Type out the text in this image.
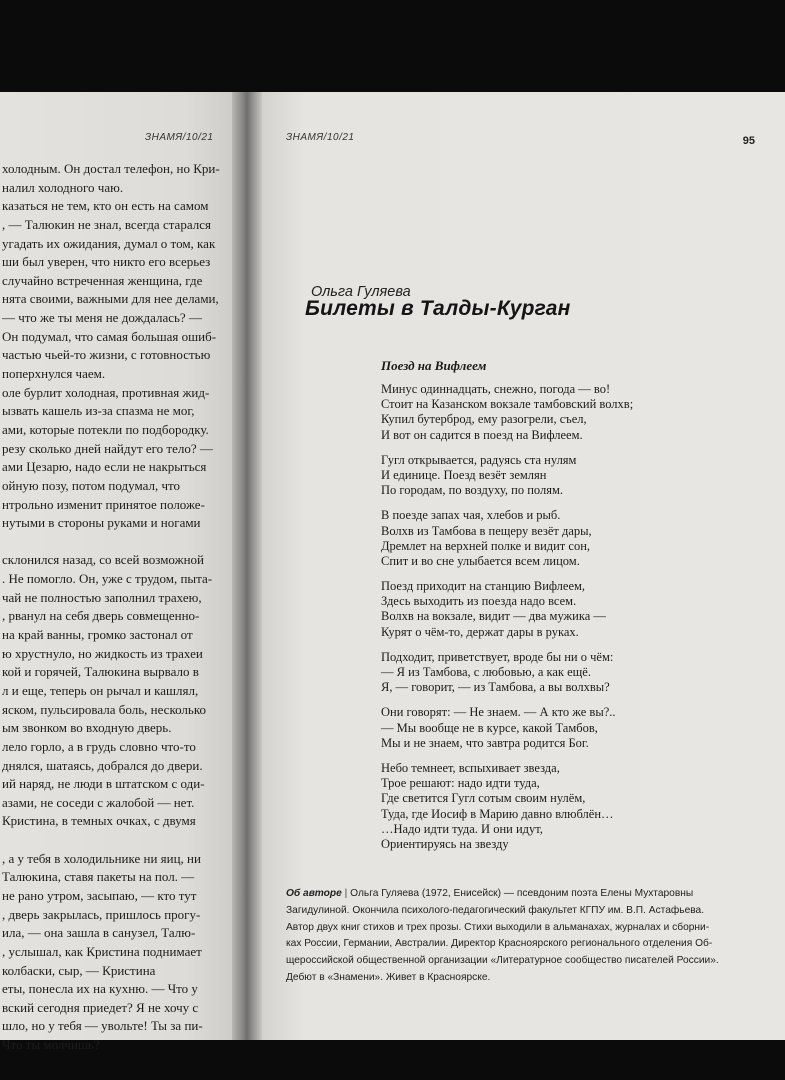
ЗНАМЯ/10/21
холодным. Он достал телефон, но Кри-
налил холодного чаю.
казаться не тем, кто он есть на самом
, — Талюкин не знал, всегда старался
угадать их ожидания, думал о том, как
ши был уверен, что никто его всерьез
случайно встреченная женщина, где
нята своими, важными для нее делами,
— что же ты меня не дождалась? —
Он подумал, что самая большая ошиб-
частью чьей-то жизни, с готовностью
поперхнулся чаем.
оле бурлит холодная, противная жид-
ызвать кашель из-за спазма не мог,
ами, которые потекли по подбородку.
резу сколько дней найдут его тело? —
ами Цезарю, надо если не накрыться
ойную позу, потом подумал, что
нтрольно изменит принятое положе-
нутыми в стороны руками и ногами
склонился назад, со всей возможной
. Не помогло. Он, уже с трудом, пыта-
чай не полностью заполнил трахею,
, рванул на себя дверь совмещенно-
на край ванны, громко застонал от
ю хрустнуло, но жидкость из трахеи
кой и горячей, Талюкина вырвало в
л и еще, теперь он рычал и кашлял,
яском, пульсировала боль, несколько
ым звонком во входную дверь.
лело горло, а в грудь словно что-то
днялся, шатаясь, добрался до двери.
ий наряд, не люди в штатском с оди-
азами, не соседи с жалобой — нет.
Кристина, в темных очках, с двумя
, а у тебя в холодильнике ни яиц, ни
Талюкина, ставя пакеты на пол. —
не рано утром, засыпаю, — кто тут
, дверь закрылась, пришлось прогу-
ила, — она зашла в санузел, Талю-
, услышал, как Кристина поднимает
колбаски, сыр, — Кристина
еты, понесла их на кухню. — Что у
вский сегодня приедет? Я не хочу с
шло, но у тебя — увольте! Ты за пи-
Что ты молчишь?
ЗНАМЯ/10/21	95
Ольга Гуляева
Билеты в Талды-Курган
Поезд на Вифлеем
Минус одиннадцать, снежно, погода — во!
Стоит на Казанском вокзале тамбовский волхв;
Купил бутерброд, ему разогрели, съел,
И вот он садится в поезд на Вифлеем.
Гугл открывается, радуясь ста нулям
И единице. Поезд везёт землян
По городам, по воздуху, по полям.
В поезде запах чая, хлебов и рыб.
Волхв из Тамбова в пещеру везёт дары,
Дремлет на верхней полке и видит сон,
Спит и во сне улыбается всем лицом.
Поезд приходит на станцию Вифлеем,
Здесь выходить из поезда надо всем.
Волхв на вокзале, видит — два мужика —
Курят о чём-то, держат дары в руках.
Подходит, приветствует, вроде бы ни о чём:
— Я из Тамбова, с любовью, а как ещё.
Я, — говорит, — из Тамбова, а вы волхвы?
Они говорят: — Не знаем. — А кто же вы?..
— Мы вообще не в курсе, какой Тамбов,
Мы и не знаем, что завтра родится Бог.
Небо темнеет, вспыхивает звезда,
Трое решают: надо идти туда,
Где светится Гугл сотым своим нулём,
Туда, где Иосиф в Марию давно влюблён…
…Надо идти туда. И они идут,
Ориентируясь на звезду
Об авторе | Ольга Гуляева (1972, Енисейск) — псевдоним поэта Елены Мухтаровны
Загидулиной. Окончила психолого-педагогический факультет КГПУ им. В.П. Астафьева.
Автор двух книг стихов и трех прозы. Стихи выходили в альманахах, журналах и сборни-
ках России, Германии, Австралии. Директор Красноярского регионального отделения Об-
щероссийской общественной организации «Литературное сообщество писателей России».
Дебют в «Знамени». Живет в Красноярске.
